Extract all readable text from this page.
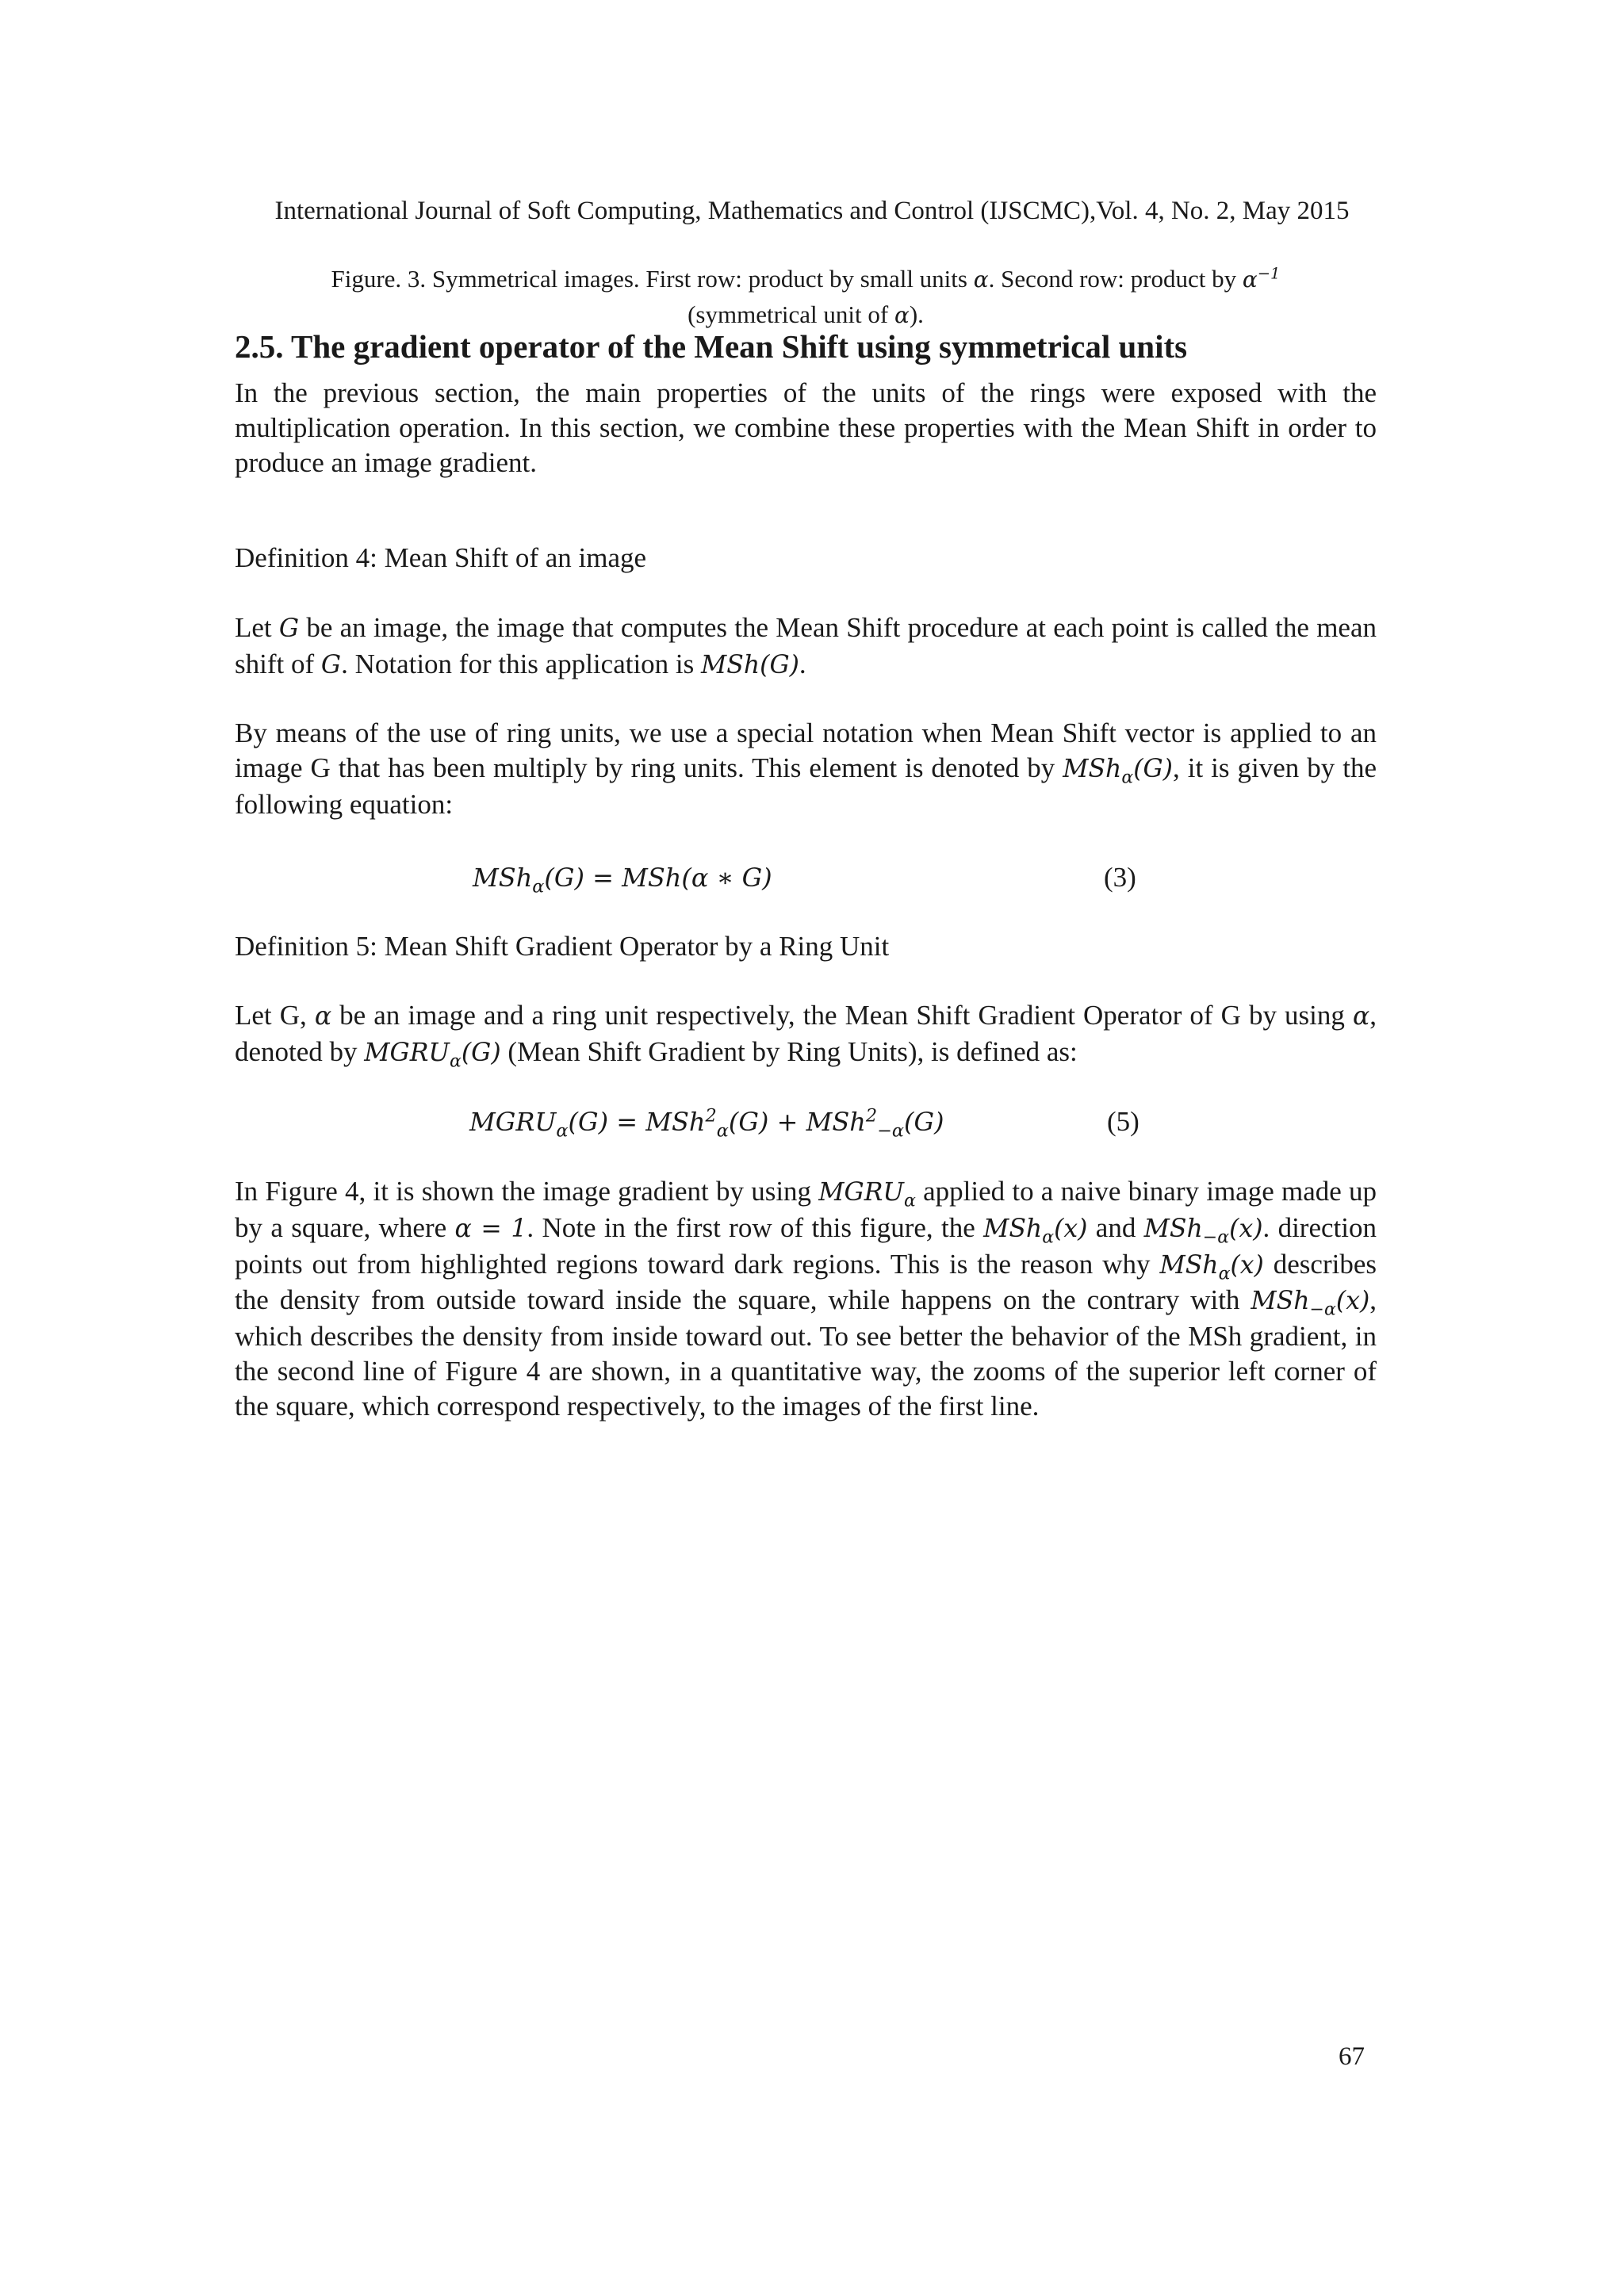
International Journal of Soft Computing, Mathematics and Control (IJSCMC),Vol. 4, No. 2, May 2015
Figure. 3. Symmetrical images. First row: product by small units α. Second row: product by $\alpha^{-1}$
(symmetrical unit of α).
2.5. The gradient operator of the Mean Shift using symmetrical units
In the previous section, the main properties of the units of the rings were exposed with the multiplication operation. In this section, we combine these properties with the Mean Shift in order to produce an image gradient.
Definition 4: Mean Shift of an image
Let G be an image, the image that computes the Mean Shift procedure at each point is called the mean shift of G. Notation for this application is MSh(G).
By means of the use of ring units, we use a special notation when Mean Shift vector is applied to an image G that has been multiply by ring units. This element is denoted by MSh$_\alpha$(G), it is given by the following equation:
MSh$_\alpha$(G) = MSh(α ∗ G)	(3)
Definition 5: Mean Shift Gradient Operator by a Ring Unit
Let G, α be an image and a ring unit respectively, the Mean Shift Gradient Operator of G by using α, denoted by $MGRU_\alpha(G)$ (Mean Shift Gradient by Ring Units), is defined as:
$MGRU_\alpha(G) = MSh^2_\alpha(G) + MSh^2_{-\alpha}(G)$	(5)
In Figure 4, it is shown the image gradient by using $MGRU_\alpha$ applied to a naive binary image made up by a square, where α = 1. Note in the first row of this figure, the MSh$_\alpha$(x) and MSh$_{-\alpha}$(x). direction points out from highlighted regions toward dark regions. This is the reason why MSh$_\alpha$(x) describes the density from outside toward inside the square, while happens on the contrary with MSh$_{-\alpha}$(x), which describes the density from inside toward out. To see better the behavior of the MSh gradient, in the second line of Figure 4 are shown, in a quantitative way, the zooms of the superior left corner of the square, which correspond respectively, to the images of the first line.
67
